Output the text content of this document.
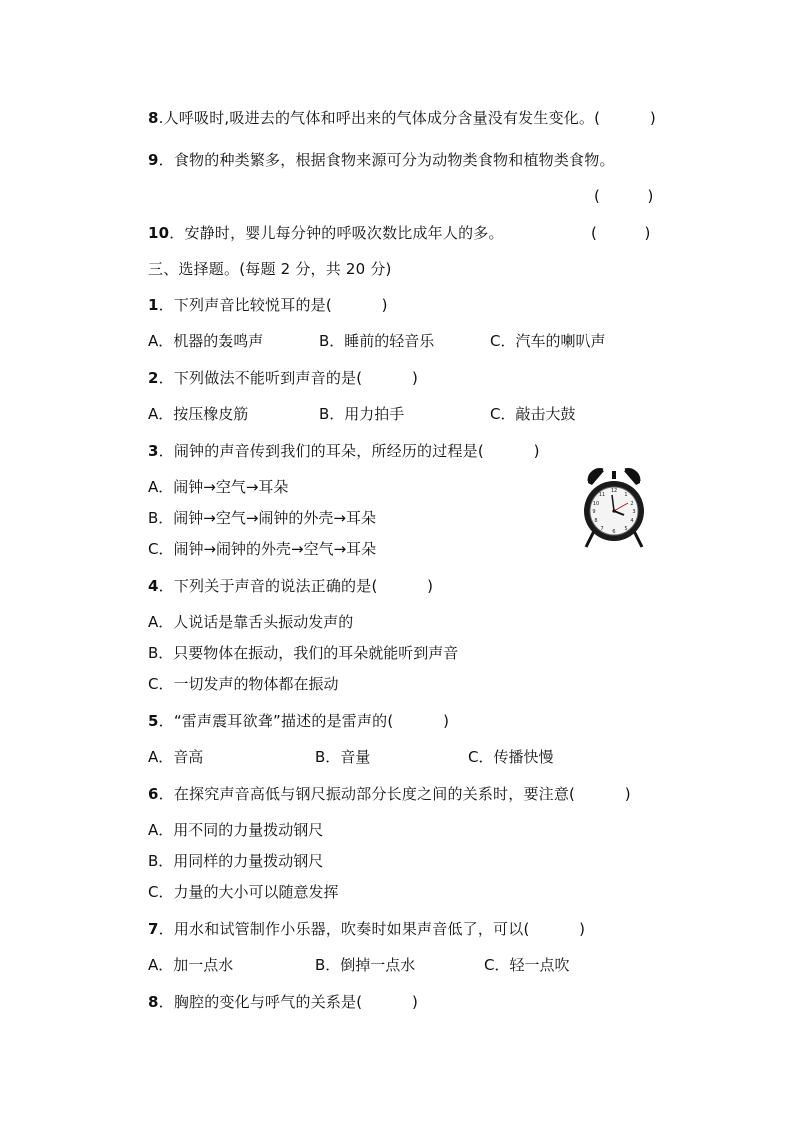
8.人呼吸时,吸进去的气体和呼出来的气体成分含量没有发生变化。(          )
9．食物的种类繁多，根据食物来源可分为动物类食物和植物类食物。
(          )
10．安静时，婴儿每分钟的呼吸次数比成年人的多。	(          )
三、选择题。(每题 2 分，共 20 分)
1．下列声音比较悦耳的是(          )
A．机器的轰鸣声	B．睡前的轻音乐	C．汽车的喇叭声
2．下列做法不能听到声音的是(          )
A．按压橡皮筋	B．用力拍手	C．敲击大鼓
3．闹钟的声音传到我们的耳朵，所经历的过程是(          )
A．闹钟→空气→耳朵
B．闹钟→空气→闹钟的外壳→耳朵
C．闹钟→闹钟的外壳→空气→耳朵
12
1
2
3
4
5
6
7
8
9
10
11
4．下列关于声音的说法正确的是(          )
A．人说话是靠舌头振动发声的
B．只要物体在振动，我们的耳朵就能听到声音
C．一切发声的物体都在振动
5．“雷声震耳欲聋”描述的是雷声的(          )
A．音高	B．音量	C．传播快慢
6．在探究声音高低与钢尺振动部分长度之间的关系时，要注意(          )
A．用不同的力量拨动钢尺
B．用同样的力量拨动钢尺
C．力量的大小可以随意发挥
7．用水和试管制作小乐器，吹奏时如果声音低了，可以(          )
A．加一点水	B．倒掉一点水	C．轻一点吹
8．胸腔的变化与呼气的关系是(          )
